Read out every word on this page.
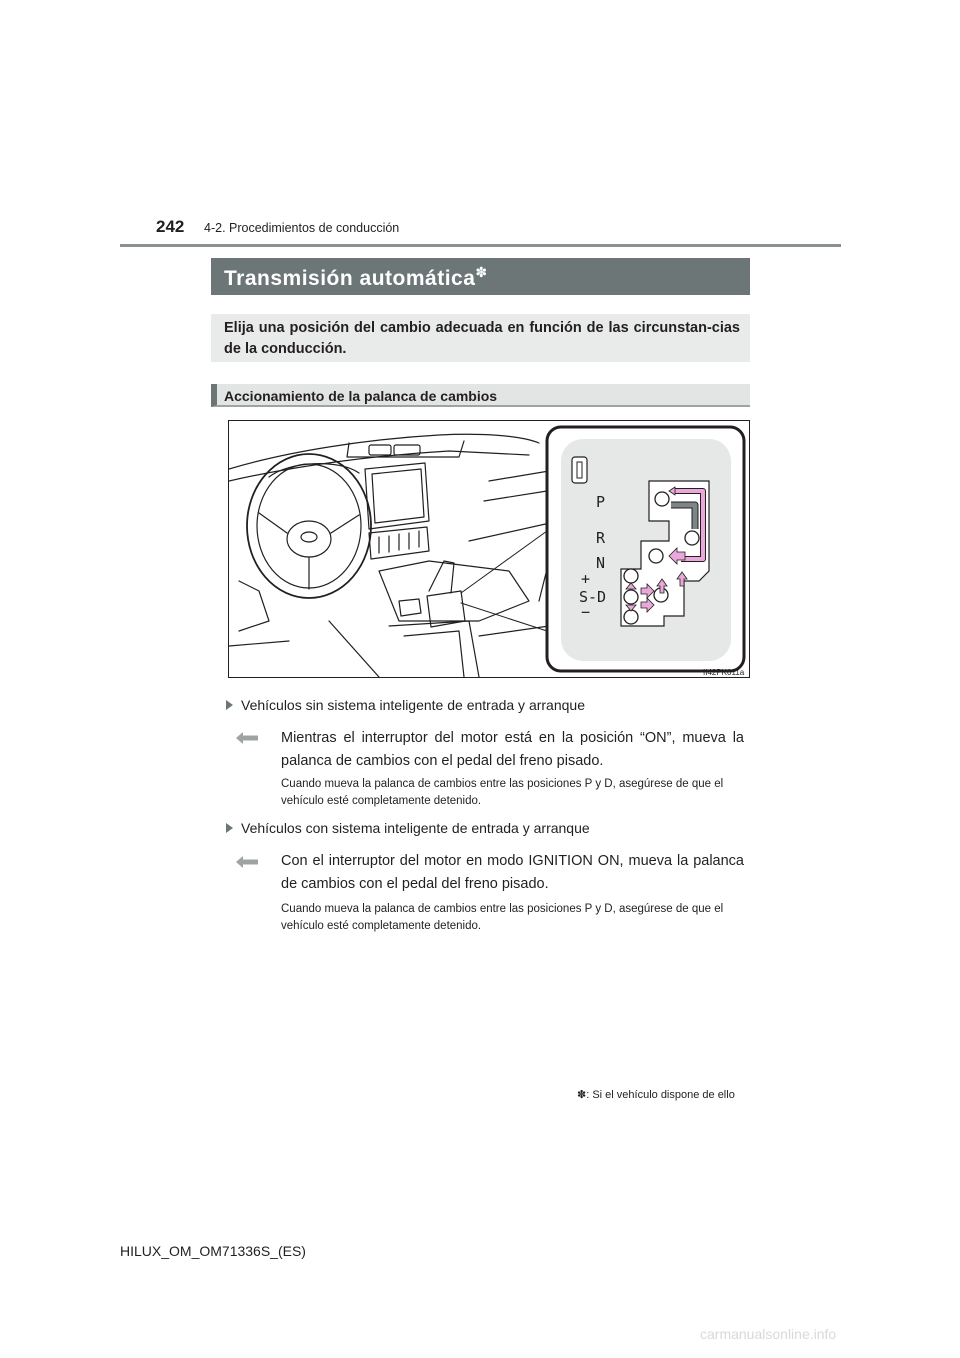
242 4-2. Procedimientos de conducción
Transmisión automática✽
Elija una posición del cambio adecuada en función de las circunstan-cias de la conducción.
Accionamiento de la palanca de cambios
P
R
N
+
S-D
−
II42PK011a
Vehículos sin sistema inteligente de entrada y arranque
Mientras el interruptor del motor está en la posición “ON”, mueva la palanca de cambios con el pedal del freno pisado.
Cuando mueva la palanca de cambios entre las posiciones P y D, asegúrese de que el vehículo esté completamente detenido.
Vehículos con sistema inteligente de entrada y arranque
Con el interruptor del motor en modo IGNITION ON, mueva la palanca de cambios con el pedal del freno pisado.
Cuando mueva la palanca de cambios entre las posiciones P y D, asegúrese de que el vehículo esté completamente detenido.
✽: Si el vehículo dispone de ello
HILUX_OM_OM71336S_(ES)
carmanualsonline.info
